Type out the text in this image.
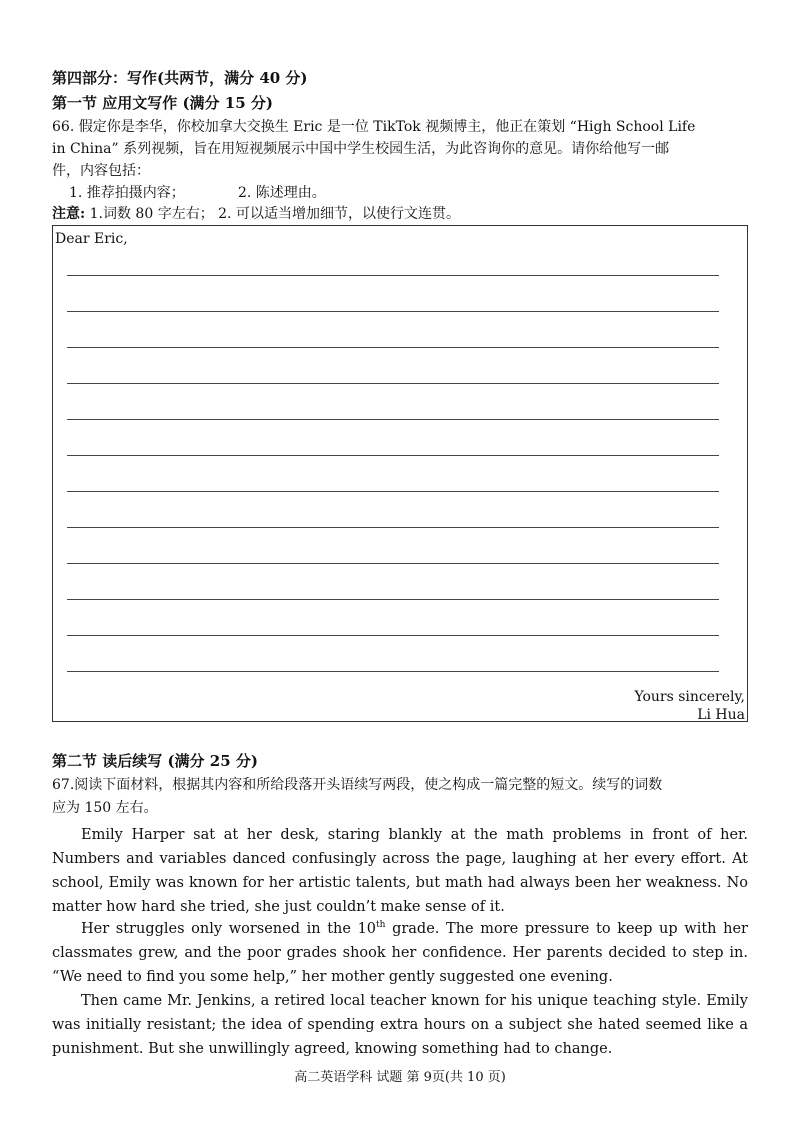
第四部分：写作(共两节，满分 40 分)
第一节 应用文写作 (满分 15 分)
66. 假定你是李华，你校加拿大交换生 Eric 是一位 TikTok 视频博主，他正在策划 “High School Life
in China” 系列视频，旨在用短视频展示中国中学生校园生活，为此咨询你的意见。请你给他写一邮
件，内容包括：
1. 推荐拍摄内容；	2. 陈述理由。
注意: 1.词数 80 字左右； 2. 可以适当增加细节，以使行文连贯。
Dear Eric,
Yours sincerely,
Li Hua
第二节 读后续写 (满分 25 分)
67.阅读下面材料，根据其内容和所给段落开头语续写两段，使之构成一篇完整的短文。续写的词数
应为 150 左右。
Emily Harper sat at her desk, staring blankly at the math problems in front of her. Numbers and variables danced confusingly across the page, laughing at her every effort. At school, Emily was known for her artistic talents, but math had always been her weakness. No matter how hard she tried, she just couldn’t make sense of it.
Her struggles only worsened in the 10th grade. The more pressure to keep up with her classmates grew, and the poor grades shook her confidence. Her parents decided to step in. “We need to find you some help,” her mother gently suggested one evening.
Then came Mr. Jenkins, a retired local teacher known for his unique teaching style. Emily was initially resistant; the idea of spending extra hours on a subject she hated seemed like a punishment. But she unwillingly agreed, knowing something had to change.
高二英语学科 试题 第 9页(共 10 页)
